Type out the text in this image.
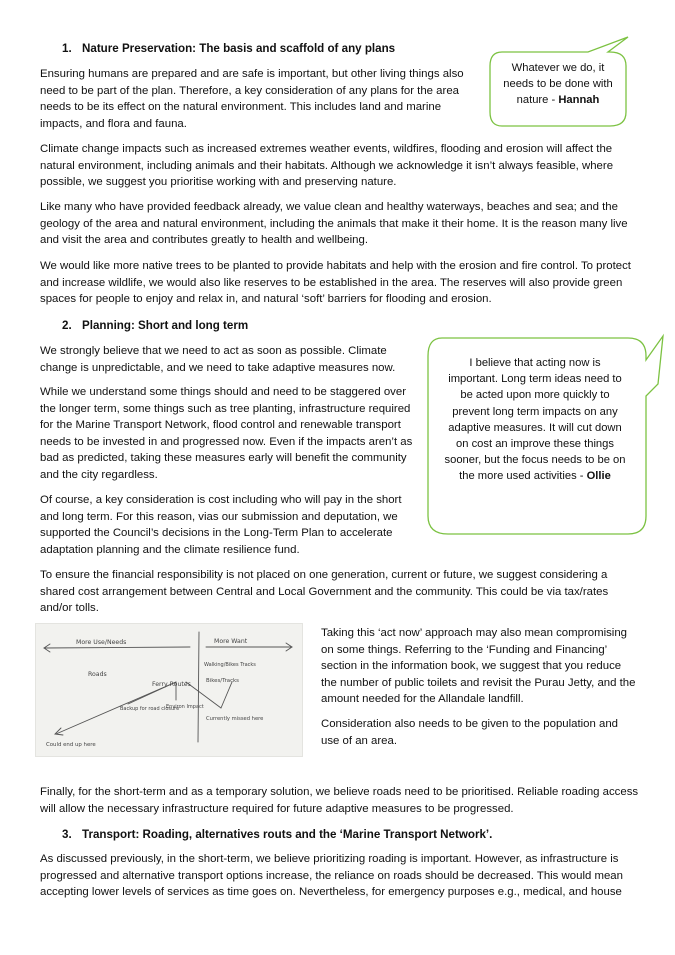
1. Nature Preservation: The basis and scaffold of any plans

Ensuring humans are prepared and are safe is important, but other living things also need to be part of the plan. Therefore, a key consideration of any plans for the area needs to be its effect on the natural environment. This includes land and marine impacts, and flora and fauna.

Whatever we do, it needs to be done with nature - Hannah

Climate change impacts such as increased extremes weather events, wildfires, flooding and erosion will affect the natural environment, including animals and their habitats. Although we acknowledge it isn’t always feasible, where possible, we suggest you prioritise working with and preserving nature.

Like many who have provided feedback already, we value clean and healthy waterways, beaches and sea; and the geology of the area and natural environment, including the animals that make it their home. It is the reason many live and visit the area and contributes greatly to health and wellbeing.

We would like more native trees to be planted to provide habitats and help with the erosion and fire control. To protect and increase wildlife, we would also like reserves to be established in the area. The reserves will also provide green spaces for people to enjoy and relax in, and natural ‘soft’ barriers for flooding and erosion.

2. Planning: Short and long term

We strongly believe that we need to act as soon as possible. Climate change is unpredictable, and we need to take adaptive measures now.

While we understand some things should and need to be staggered over the longer term, some things such as tree planting, infrastructure required for the Marine Transport Network, flood control and renewable transport needs to be invested in and progressed now. Even if the impacts aren’t as bad as predicted, taking these measures early will benefit the community and the city regardless.

Of course, a key consideration is cost including who will pay in the short and long term. For this reason, vias our submission and deputation, we supported the Council’s decisions in the Long-Term Plan to accelerate adaptation planning and the climate resilience fund.

I believe that acting now is important. Long term ideas need to be acted upon more quickly to prevent long term impacts on any adaptive measures. It will cut down on cost an improve these things sooner, but the focus needs to be on the more used activities - Ollie

To ensure the financial responsibility is not placed on one generation, current or future, we suggest considering a shared cost arrangement between Central and Local Government and the community. This could be via tax/rates and/or tolls.

More Use/Needs	More Want
Roads
Ferry Routes
Walking/Bikes Tracks
Bikes/Tracks
Backup for road closure
Environ Impact
Could end up here
Currently missed here

Taking this ‘act now’ approach may also mean compromising on some things. Referring to the ‘Funding and Financing’ section in the information book, we suggest that you reduce the number of public toilets and revisit the Purau Jetty, and the amount needed for the Allandale landfill.

Consideration also needs to be given to the population and use of an area.

Finally, for the short-term and as a temporary solution, we believe roads need to be prioritised. Reliable roading access will allow the necessary infrastructure required for future adaptive measures to be progressed.

3. Transport: Roading, alternatives routs and the ‘Marine Transport Network’.

As discussed previously, in the short-term, we believe prioritizing roading is important. However, as infrastructure is progressed and alternative transport options increase, the reliance on roads should be decreased. This would mean accepting lower levels of services as time goes on. Nevertheless, for emergency purposes e.g., medical, and house
